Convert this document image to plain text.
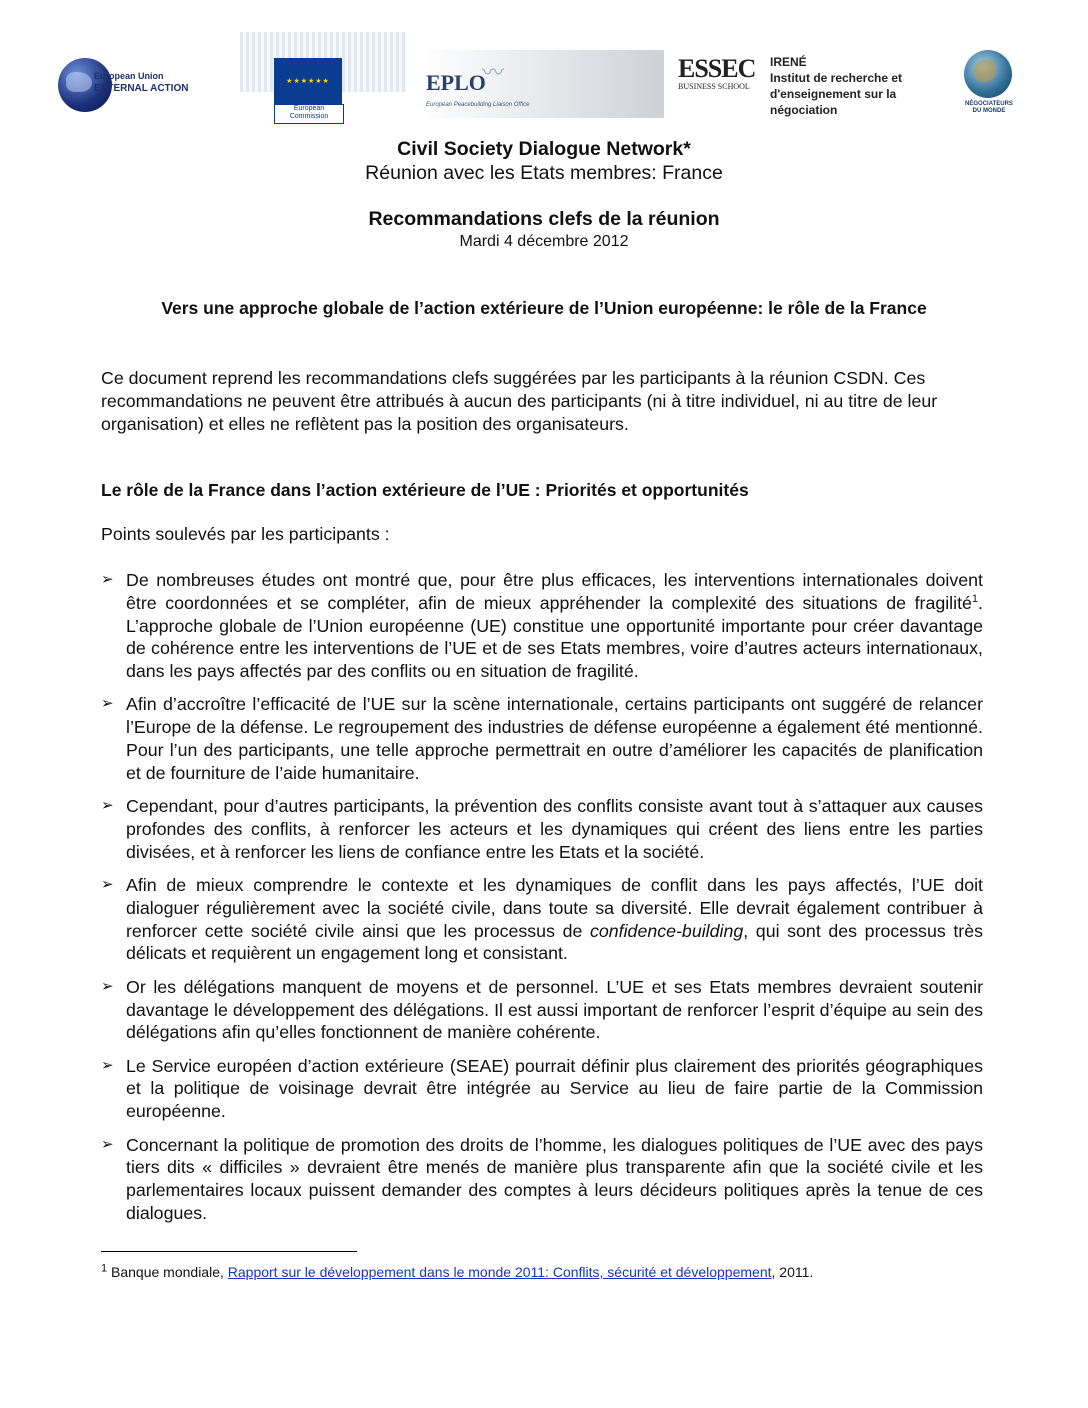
European Union
EXTERNAL ACTION
★★★★★★
European
Commission
〰
EPLO
European Peacebuilding Liaison Office
ESSEC
BUSINESS SCHOOL
IRENÉ
Institut de recherche et
d'enseignement sur la négociation	NÉGOCIATEURS
DU MONDE
Civil Society Dialogue Network*
Réunion avec les Etats membres: France
Recommandations clefs de la réunion
Mardi 4 décembre 2012
Vers une approche globale de l’action extérieure de l’Union européenne: le rôle de la France
Ce document reprend les recommandations clefs suggérées par les participants à la réunion CSDN. Ces recommandations ne peuvent être attribués à aucun des participants (ni à titre individuel, ni au titre de leur organisation) et elles ne reflètent pas la position des organisateurs.
Le rôle de la France dans l’action extérieure de l’UE : Priorités et opportunités
Points soulevés par les participants :
➢ De nombreuses études ont montré que, pour être plus efficaces, les interventions internationales doivent être coordonnées et se compléter, afin de mieux appréhender la complexité des situations de fragilité$^1$. L’approche globale de l’Union européenne (UE) constitue une opportunité importante pour créer davantage de cohérence entre les interventions de l’UE et de ses Etats membres, voire d’autres acteurs internationaux, dans les pays affectés par des conflits ou en situation de fragilité.
➢ Afin d’accroître l’efficacité de l’UE sur la scène internationale, certains participants ont suggéré de relancer l’Europe de la défense. Le regroupement des industries de défense européenne a également été mentionné. Pour l’un des participants, une telle approche permettrait en outre d’améliorer les capacités de planification et de fourniture de l’aide humanitaire.
➢ Cependant, pour d’autres participants, la prévention des conflits consiste avant tout à s’attaquer aux causes profondes des conflits, à renforcer les acteurs et les dynamiques qui créent des liens entre les parties divisées, et à renforcer les liens de confiance entre les Etats et la société.
➢ Afin de mieux comprendre le contexte et les dynamiques de conflit dans les pays affectés, l’UE doit dialoguer régulièrement avec la société civile, dans toute sa diversité. Elle devrait également contribuer à renforcer cette société civile ainsi que les processus de confidence-building, qui sont des processus très délicats et requièrent un engagement long et consistant.
➢ Or les délégations manquent de moyens et de personnel. L’UE et ses Etats membres devraient soutenir davantage le développement des délégations. Il est aussi important de renforcer l’esprit d’équipe au sein des délégations afin qu’elles fonctionnent de manière cohérente.
➢ Le Service européen d’action extérieure (SEAE) pourrait définir plus clairement des priorités géographiques et la politique de voisinage devrait être intégrée au Service au lieu de faire partie de la Commission européenne.
➢ Concernant la politique de promotion des droits de l’homme, les dialogues politiques de l’UE avec des pays tiers dits « difficiles » devraient être menés de manière plus transparente afin que la société civile et les parlementaires locaux puissent demander des comptes à leurs décideurs politiques après la tenue de ces dialogues.
$^1$ Banque mondiale, Rapport sur le développement dans le monde 2011: Conflits, sécurité et développement, 2011.
